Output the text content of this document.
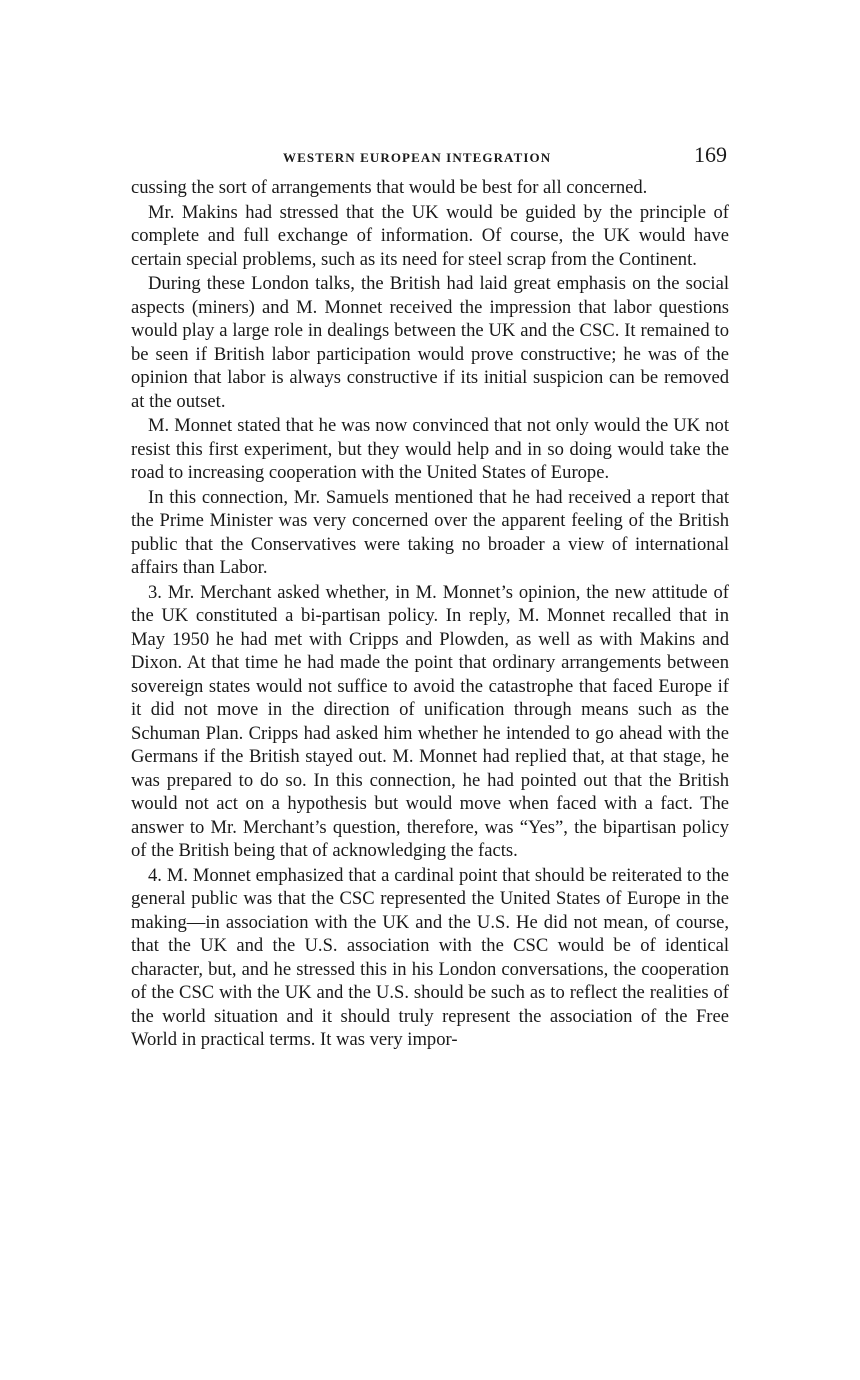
WESTERN EUROPEAN INTEGRATION	169

cussing the sort of arrangements that would be best for all concerned.

Mr. Makins had stressed that the UK would be guided by the principle of complete and full exchange of information. Of course, the UK would have certain special problems, such as its need for steel scrap from the Continent.

During these London talks, the British had laid great emphasis on the social aspects (miners) and M. Monnet received the impression that labor questions would play a large role in dealings between the UK and the CSC. It remained to be seen if British labor participation would prove constructive; he was of the opinion that labor is always constructive if its initial suspicion can be removed at the outset.

M. Monnet stated that he was now convinced that not only would the UK not resist this first experiment, but they would help and in so doing would take the road to increasing cooperation with the United States of Europe.

In this connection, Mr. Samuels mentioned that he had received a report that the Prime Minister was very concerned over the apparent feeling of the British public that the Conservatives were taking no broader a view of international affairs than Labor.

3. Mr. Merchant asked whether, in M. Monnet’s opinion, the new attitude of the UK constituted a bi-partisan policy. In reply, M. Monnet recalled that in May 1950 he had met with Cripps and Plowden, as well as with Makins and Dixon. At that time he had made the point that ordinary arrangements between sovereign states would not suffice to avoid the catastrophe that faced Europe if it did not move in the direction of unification through means such as the Schuman Plan. Cripps had asked him whether he intended to go ahead with the Germans if the British stayed out. M. Monnet had replied that, at that stage, he was prepared to do so. In this connection, he had pointed out that the British would not act on a hypothesis but would move when faced with a fact. The answer to Mr. Merchant’s question, therefore, was “Yes”, the bipartisan policy of the British being that of acknowledging the facts.

4. M. Monnet emphasized that a cardinal point that should be reiterated to the general public was that the CSC represented the United States of Europe in the making—in association with the UK and the U.S. He did not mean, of course, that the UK and the U.S. association with the CSC would be of identical character, but, and he stressed this in his London conversations, the cooperation of the CSC with the UK and the U.S. should be such as to reflect the realities of the world situation and it should truly represent the association of the Free World in practical terms. It was very impor-
